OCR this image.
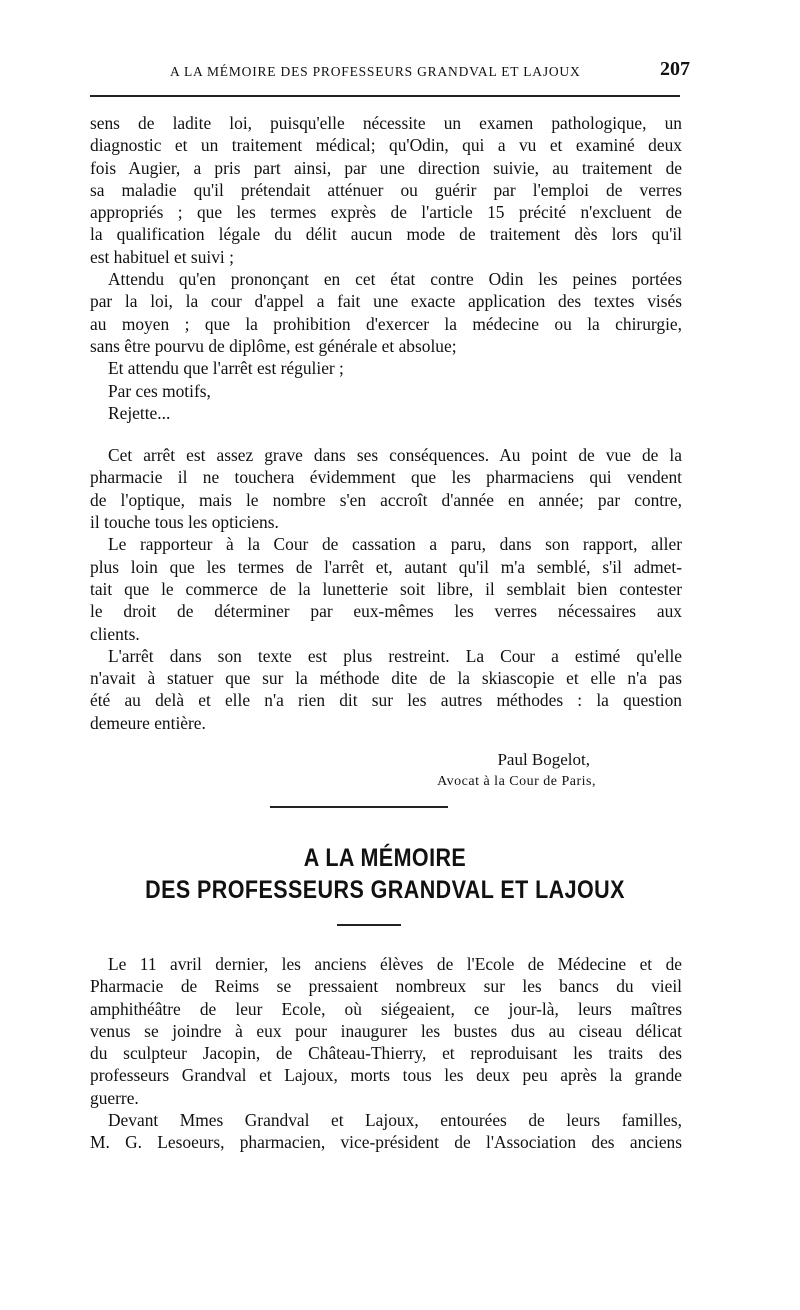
A LA MÉMOIRE DES PROFESSEURS GRANDVAL ET LAJOUX	207
sens de ladite loi, puisqu'elle nécessite un examen pathologique, un
diagnostic et un traitement médical; qu'Odin, qui a vu et examiné deux
fois Augier, a pris part ainsi, par une direction suivie, au traitement de
sa maladie qu'il prétendait atténuer ou guérir par l'emploi de verres
appropriés ; que les termes exprès de l'article 15 précité n'excluent de
la qualification légale du délit aucun mode de traitement dès lors qu'il
est habituel et suivi ;
Attendu qu'en prononçant en cet état contre Odin les peines portées
par la loi, la cour d'appel a fait une exacte application des textes visés
au moyen ; que la prohibition d'exercer la médecine ou la chirurgie,
sans être pourvu de diplôme, est générale et absolue;
Et attendu que l'arrêt est régulier ;
Par ces motifs,
Rejette...
Cet arrêt est assez grave dans ses conséquences. Au point de vue de la
pharmacie il ne touchera évidemment que les pharmaciens qui vendent
de l'optique, mais le nombre s'en accroît d'année en année; par contre,
il touche tous les opticiens.
Le rapporteur à la Cour de cassation a paru, dans son rapport, aller
plus loin que les termes de l'arrêt et, autant qu'il m'a semblé, s'il admet-
tait que le commerce de la lunetterie soit libre, il semblait bien contester
le droit de déterminer par eux-mêmes les verres nécessaires aux
clients.
L'arrêt dans son texte est plus restreint. La Cour a estimé qu'elle
n'avait à statuer que sur la méthode dite de la skiascopie et elle n'a pas
été au delà et elle n'a rien dit sur les autres méthodes : la question
demeure entière.
Paul Bogelot,
Avocat à la Cour de Paris,
A LA MÉMOIRE
DES PROFESSEURS GRANDVAL ET LAJOUX
Le 11 avril dernier, les anciens élèves de l'Ecole de Médecine et de
Pharmacie de Reims se pressaient nombreux sur les bancs du vieil
amphithéâtre de leur Ecole, où siégeaient, ce jour-là, leurs maîtres
venus se joindre à eux pour inaugurer les bustes dus au ciseau délicat
du sculpteur Jacopin, de Château-Thierry, et reproduisant les traits des
professeurs Grandval et Lajoux, morts tous les deux peu après la grande
guerre.
Devant Mmes Grandval et Lajoux, entourées de leurs familles,
M. G. Lesoeurs, pharmacien, vice-président de l'Association des anciens
